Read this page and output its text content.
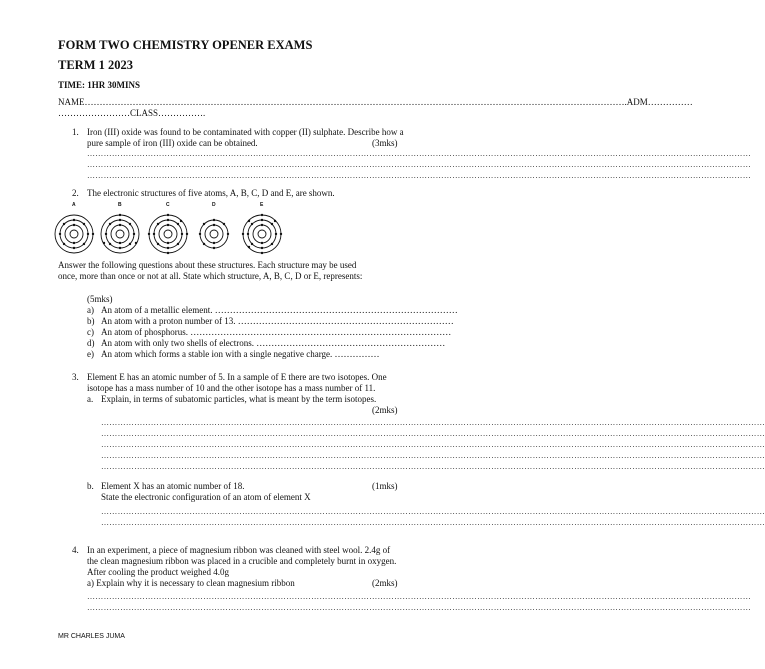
FORM TWO CHEMISTRY OPENER EXAMS
TERM 1 2023
TIME: 1HR 30MINS
NAME……………………………………………………………………………………………………………………………………………………………….ADM……………
……………………CLASS…………….
1. Iron (III) oxide was found to be contaminated with copper (II) sulphate. Describe how a
pure sample of iron (III) oxide can be obtained.	(3mks)
……………………………………………………………………………………………………………………………………………………………………………………………………………………
……………………………………………………………………………………………………………………………………………………………………………………………………………………
……………………………………………………………………………………………………………………………………………………………………………………………………………………
2. The electronic structures of five atoms, A, B, C, D and E, are shown.
A	B	C	D	E
Answer the following questions about these structures. Each structure may be used
once, more than once or not at all. State which structure, A, B, C, D or E, represents:
(5mks)
a) An atom of a metallic element. ………………………………………………………………………
b) An atom with a proton number of 13. ………………………………………………………………
c) An atom of phosphorus. ……………………………………………………………………………
d) An atom with only two shells of electrons. ………………………………………………………
e) An atom which forms a stable ion with a single negative charge. ……………
3. Element E has an atomic number of 5. In a sample of E there are two isotopes. One
isotope has a mass number of 10 and the other isotope has a mass number of 11.
a. Explain, in terms of subatomic particles, what is meant by the term isotopes.
(2mks)
……………………………………………………………………………………………………………………………………………………………………………………………………………………
……………………………………………………………………………………………………………………………………………………………………………………………………………………
……………………………………………………………………………………………………………………………………………………………………………………………………………………
……………………………………………………………………………………………………………………………………………………………………………………………………………………
……………………………………………………………………………………………………………………………………………………………………………………………………………………
b. Element X has an atomic number of 18.
State the electronic configuration of an atom of element X
(1mks)
……………………………………………………………………………………………………………………………………………………………………………………………………………………
……………………………………………………………………………………………………………………………………………………………………………………………………………………
4. In an experiment, a piece of magnesium ribbon was cleaned with steel wool. 2.4g of
the clean magnesium ribbon was placed in a crucible and completely burnt in oxygen.
After cooling the product weighed 4.0g
a) Explain why it is necessary to clean magnesium ribbon	(2mks)
……………………………………………………………………………………………………………………………………………………………………………………………………………………
……………………………………………………………………………………………………………………………………………………………………………………………………………………
MR CHARLES JUMA
